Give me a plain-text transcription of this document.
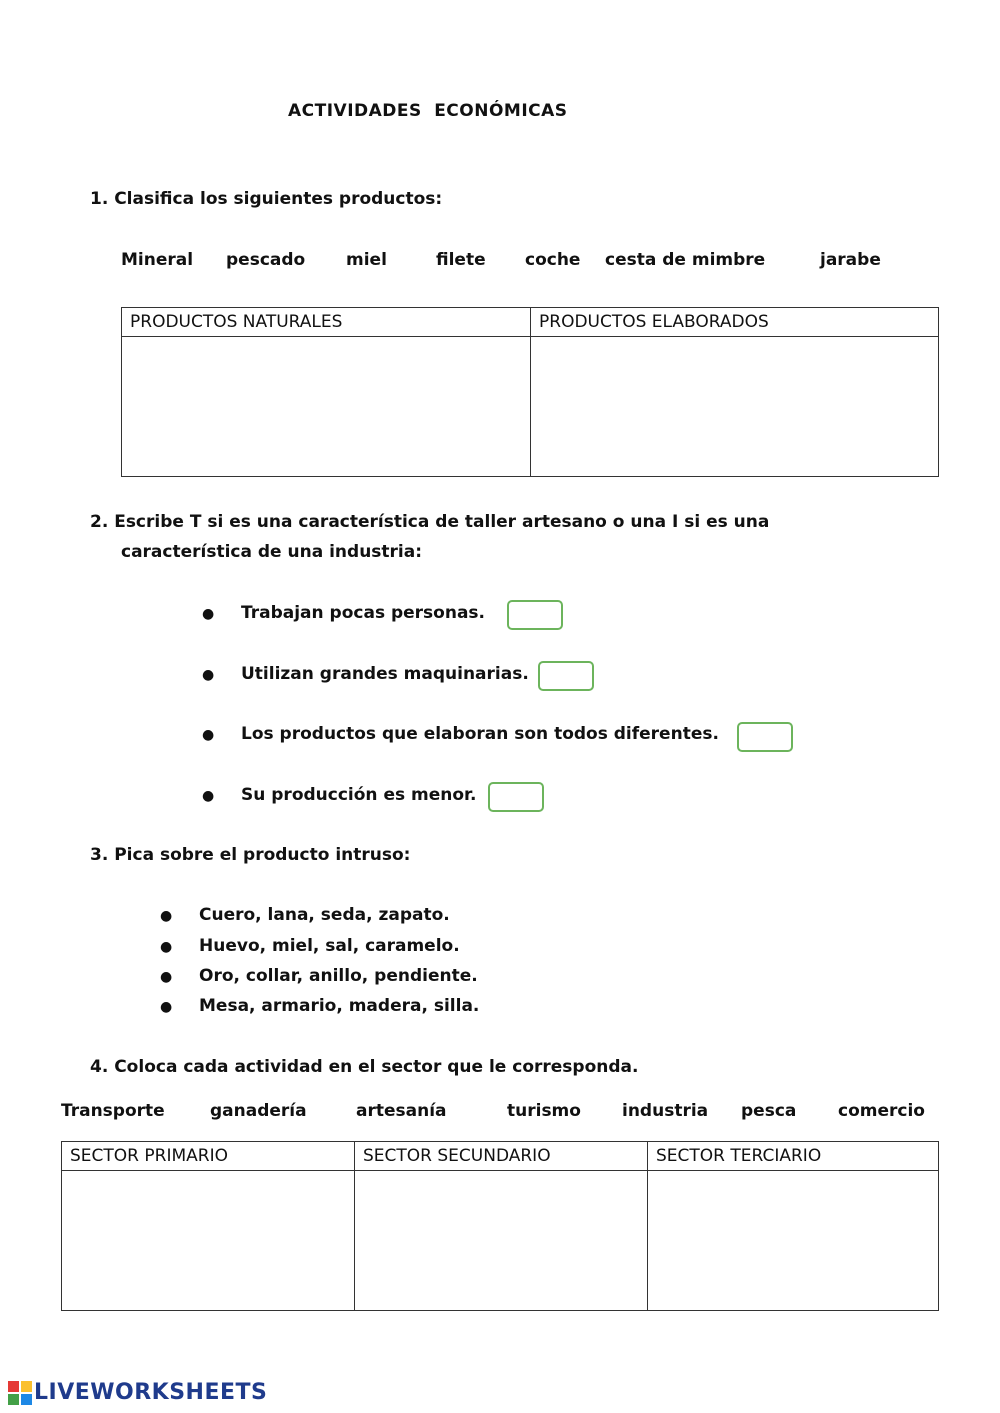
ACTIVIDADES ECONÓMICAS
1. Clasifica los siguientes productos:
Mineral pescado miel	filete coche cesta de mimbre	jarabe
PRODUCTOS NATURALES	PRODUCTOS ELABORADOS

2. Escribe T si es una característica de taller artesano o una I si es una
característica de una industria:
● Trabajan pocas personas.
● Utilizan grandes maquinarias.
● Los productos que elaboran son todos diferentes.
● Su producción es menor.
3. Pica sobre el producto intruso:
● Cuero, lana, seda, zapato.
● Huevo, miel, sal, caramelo.
● Oro, collar, anillo, pendiente.
● Mesa, armario, madera, silla.
4. Coloca cada actividad en el sector que le corresponda.
Transporte	ganadería	artesanía	turismo industria pesca comercio
SECTOR PRIMARIO	SECTOR SECUNDARIO	SECTOR TERCIARIO

LIVEWORKSHEETS
